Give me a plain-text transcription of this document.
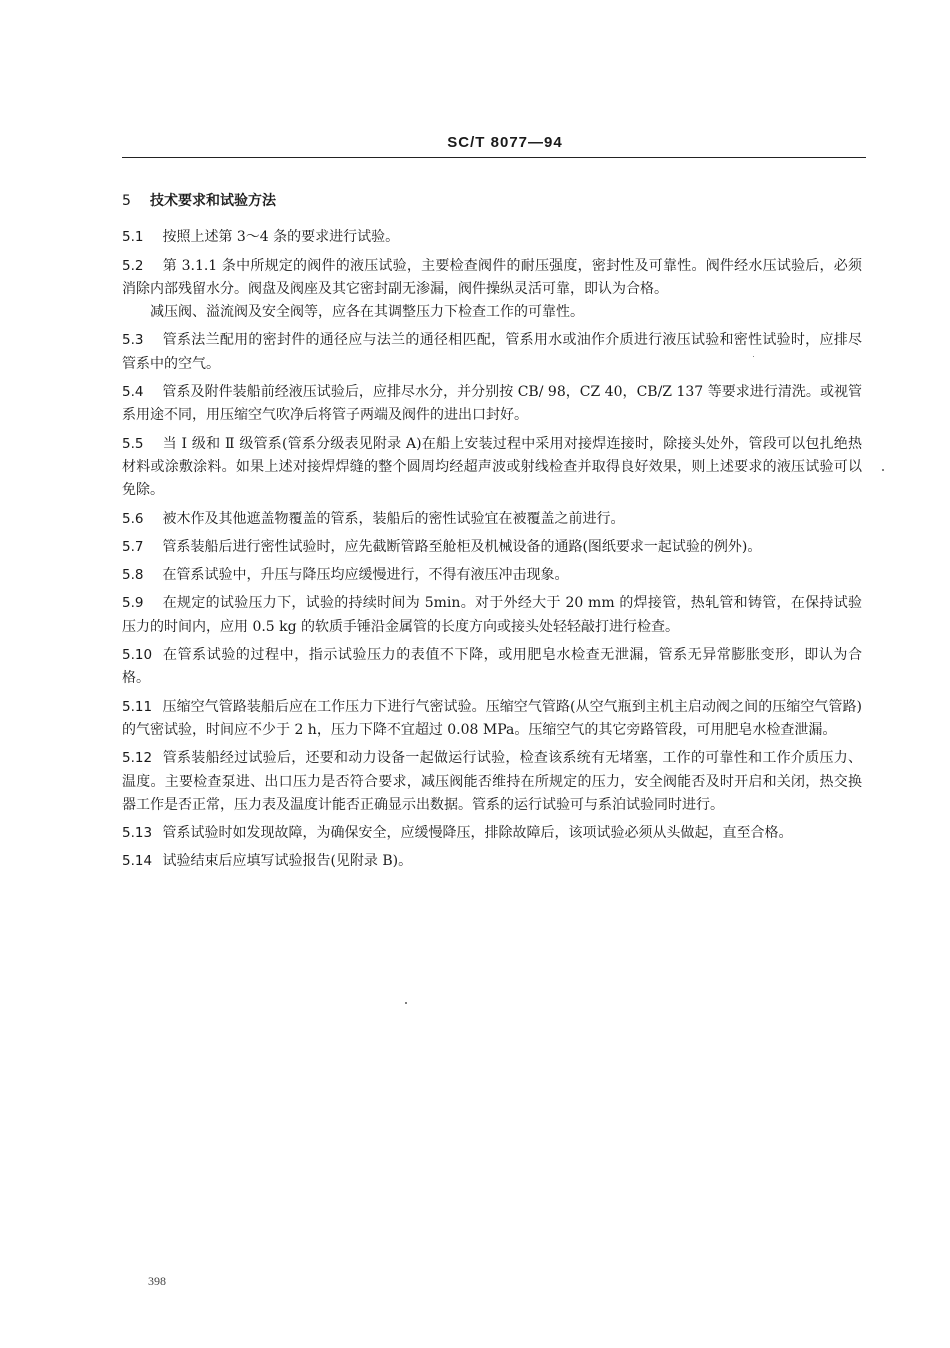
SC/T 8077—94
5 技术要求和试验方法

5.1 按照上述第 3～4 条的要求进行试验。

5.2 第 3.1.1 条中所规定的阀件的液压试验，主要检查阀件的耐压强度，密封性及可靠性。阀件经水压试验后，必须消除内部残留水分。阀盘及阀座及其它密封副无渗漏，阀件操纵灵活可靠，即认为合格。

减压阀、溢流阀及安全阀等，应各在其调整压力下检查工作的可靠性。

5.3 管系法兰配用的密封件的通径应与法兰的通径相匹配，管系用水或油作介质进行液压试验和密性试验时，应排尽管系中的空气。

5.4 管系及附件装船前经液压试验后，应排尽水分，并分别按 CB/ 98，CZ 40，CB/Z 137 等要求进行清洗。或视管系用途不同，用压缩空气吹净后将管子两端及阀件的进出口封好。

5.5 当 Ⅰ 级和 Ⅱ 级管系(管系分级表见附录 A)在船上安装过程中采用对接焊连接时，除接头处外，管段可以包扎绝热材料或涂敷涂料。如果上述对接焊焊缝的整个圆周均经超声波或射线检查并取得良好效果，则上述要求的液压试验可以免除。

5.6 被木作及其他遮盖物覆盖的管系，装船后的密性试验宜在被覆盖之前进行。

5.7 管系装船后进行密性试验时，应先截断管路至舱柜及机械设备的通路(图纸要求一起试验的例外)。

5.8 在管系试验中，升压与降压均应缓慢进行，不得有液压冲击现象。

5.9 在规定的试验压力下，试验的持续时间为 5min。对于外经大于 20 mm 的焊接管，热轧管和铸管，在保持试验压力的时间内，应用 0.5 kg 的软质手锤沿金属管的长度方向或接头处轻轻敲打进行检查。

5.10 在管系试验的过程中，指示试验压力的表值不下降，或用肥皂水检查无泄漏，管系无异常膨胀变形，即认为合格。

5.11 压缩空气管路装船后应在工作压力下进行气密试验。压缩空气管路(从空气瓶到主机主启动阀之间的压缩空气管路)的气密试验，时间应不少于 2 h，压力下降不宜超过 0.08 MPa。压缩空气的其它旁路管段，可用肥皂水检查泄漏。

5.12 管系装船经过试验后，还要和动力设备一起做运行试验，检查该系统有无堵塞，工作的可靠性和工作介质压力、温度。主要检查泵进、出口压力是否符合要求，减压阀能否维持在所规定的压力，安全阀能否及时开启和关闭，热交换器工作是否正常，压力表及温度计能否正确显示出数据。管系的运行试验可与系泊试验同时进行。

5.13 管系试验时如发现故障，为确保安全，应缓慢降压，排除故障后，该项试验必须从头做起，直至合格。

5.14 试验结束后应填写试验报告(见附录 B)。

398
